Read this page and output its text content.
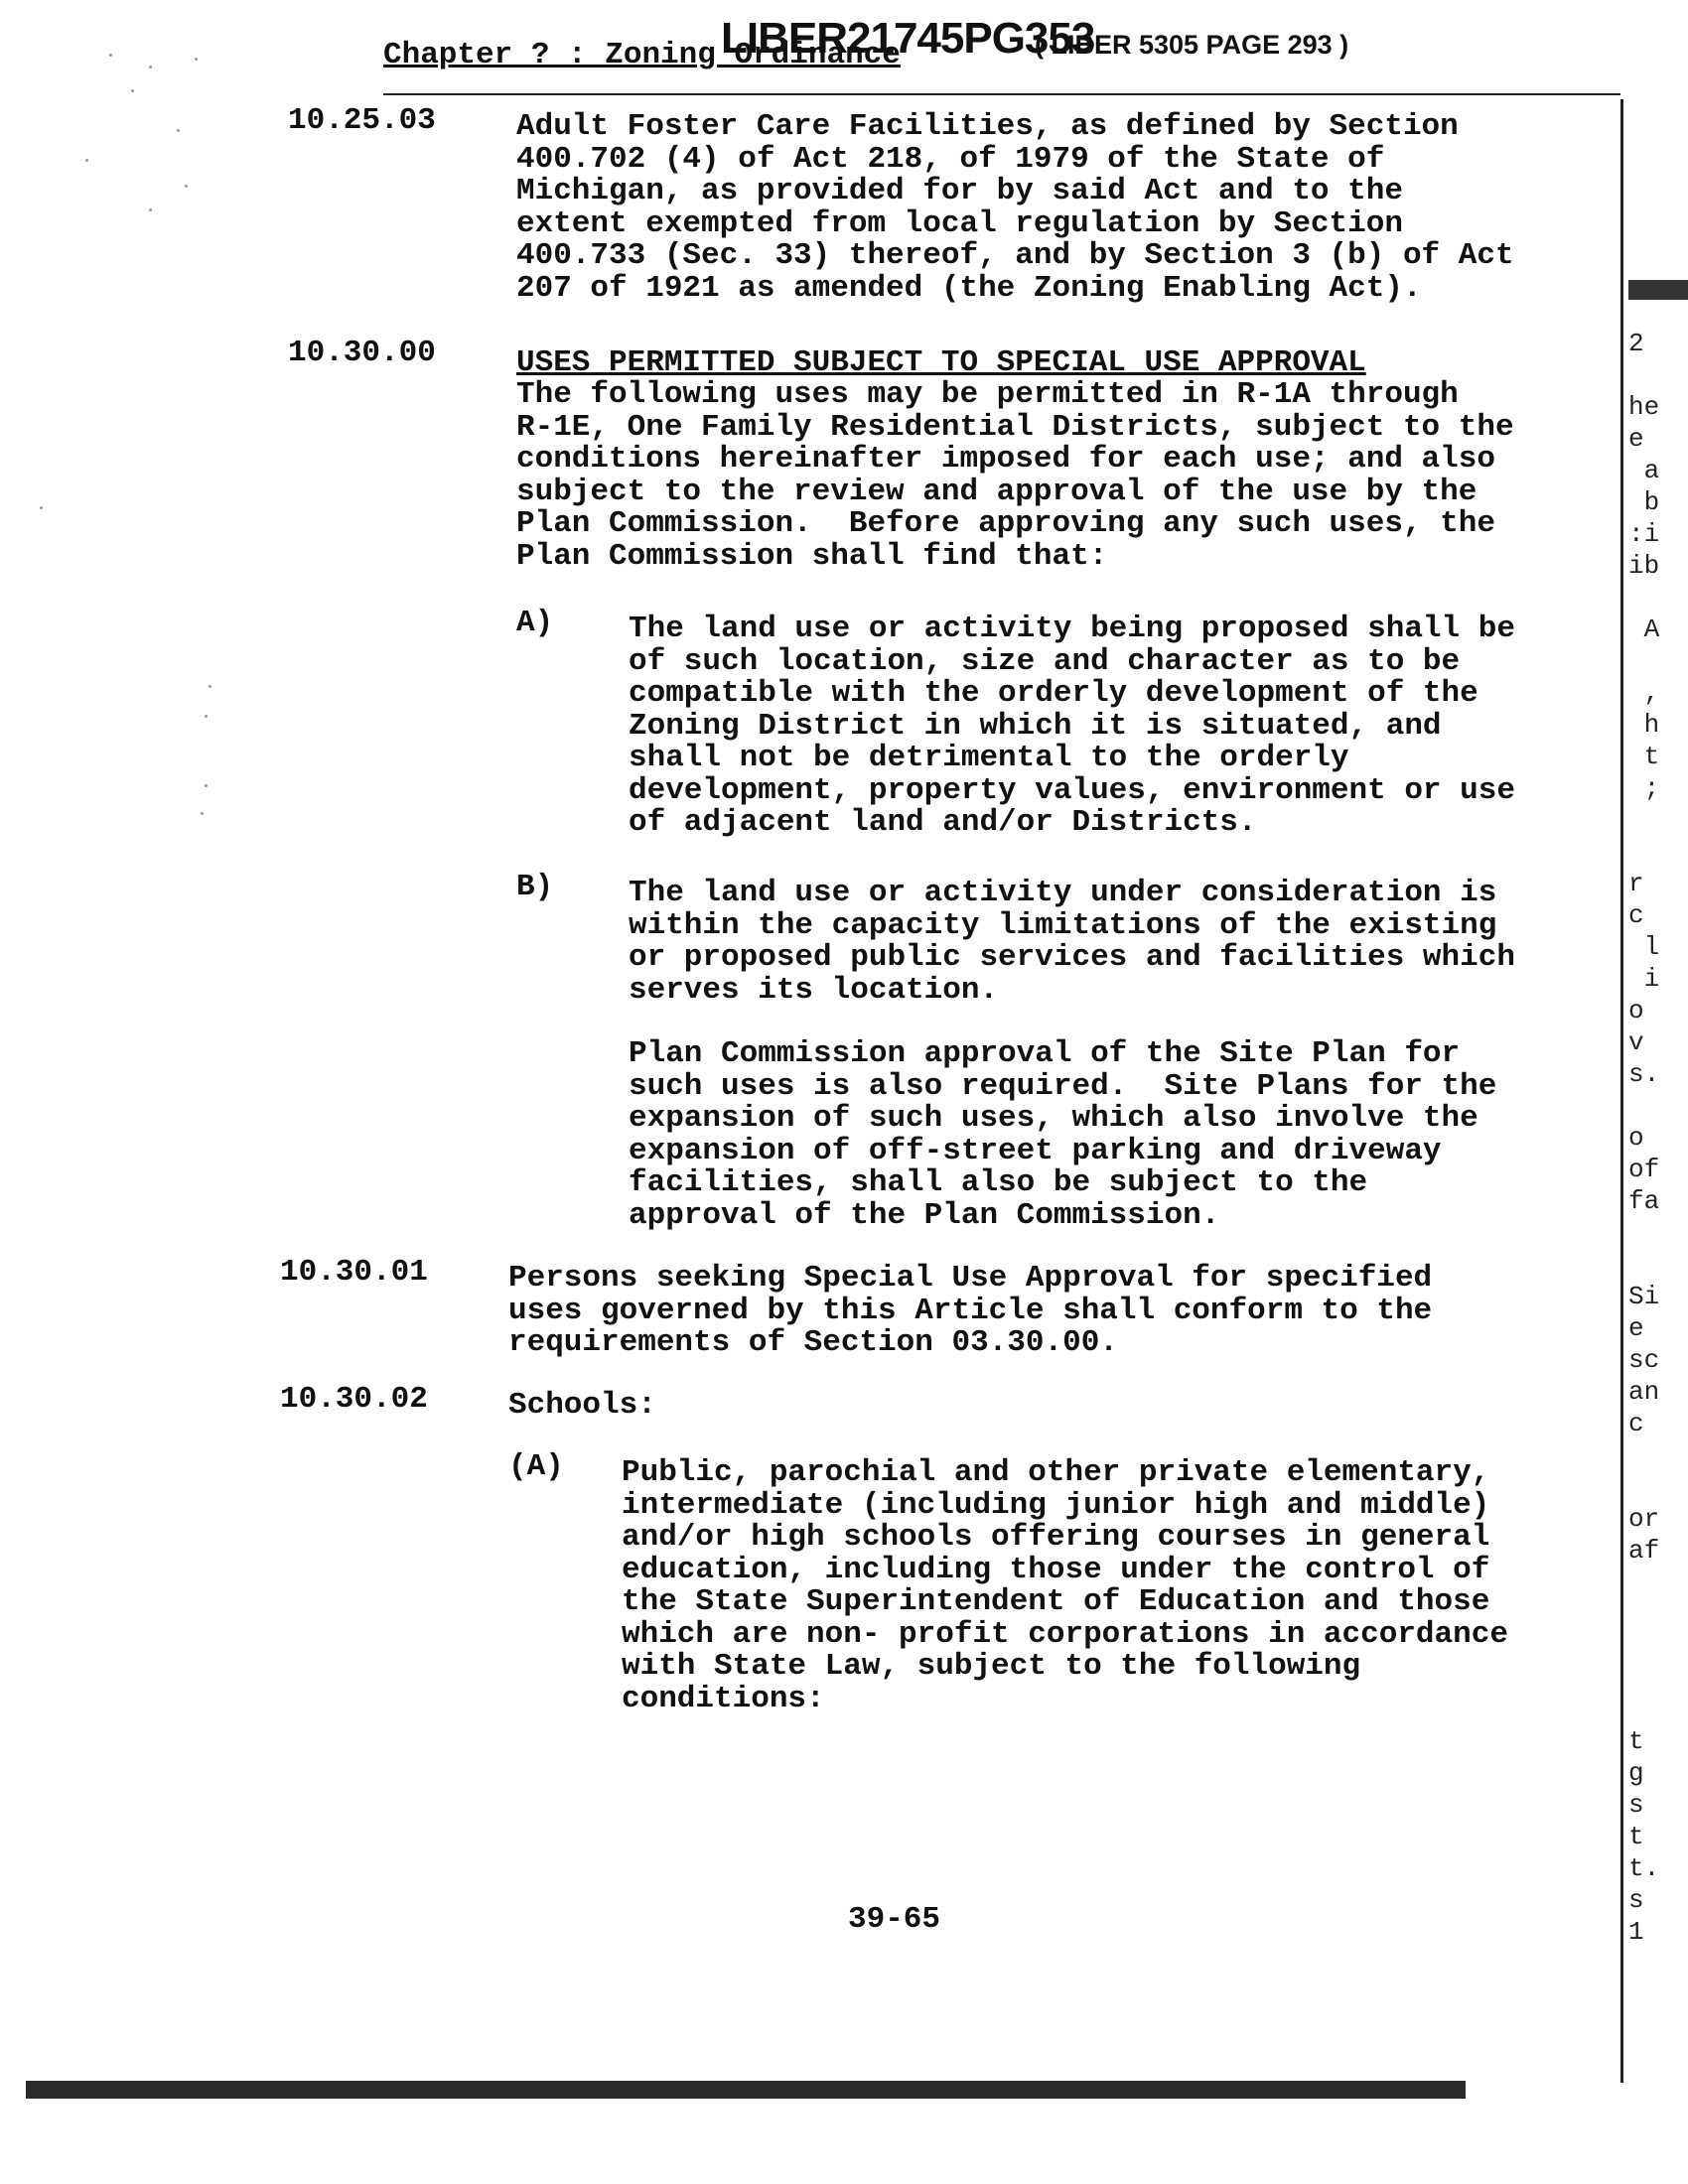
Chapter ? : Zoning Ordinance
LIBER21745PG353
( LIBER 5305 PAGE 293 )
2

he
e
a
b
:i
ib

A

,
h
t
;

r
c
l
i
o
v
s.

o
of
fa

Si
e
sc
an
c

or
af

t
g
s
t
t.
s
1
10.25.03	Adult Foster Care Facilities, as defined by Section
400.702 (4) of Act 218, of 1979 of the State of
Michigan, as provided for by said Act and to the
extent exempted from local regulation by Section
400.733 (Sec. 33) thereof, and by Section 3 (b) of Act
207 of 1921 as amended (the Zoning Enabling Act).
10.30.00	USES PERMITTED SUBJECT TO SPECIAL USE APPROVAL
The following uses may be permitted in R-1A through
R-1E, One Family Residential Districts, subject to the
conditions hereinafter imposed for each use; and also
subject to the review and approval of the use by the
Plan Commission.  Before approving any such uses, the
Plan Commission shall find that:
A) The land use or activity being proposed shall be
of such location, size and character as to be
compatible with the orderly development of the
Zoning District in which it is situated, and
shall not be detrimental to the orderly
development, property values, environment or use
of adjacent land and/or Districts.
B) The land use or activity under consideration is
within the capacity limitations of the existing
or proposed public services and facilities which
serves its location.
Plan Commission approval of the Site Plan for
such uses is also required.  Site Plans for the
expansion of such uses, which also involve the
expansion of off-street parking and driveway
facilities, shall also be subject to the
approval of the Plan Commission.
10.30.01	Persons seeking Special Use Approval for specified
uses governed by this Article shall conform to the
requirements of Section 03.30.00.
10.30.02	Schools:
(A) Public, parochial and other private elementary,
intermediate (including junior high and middle)
and/or high schools offering courses in general
education, including those under the control of
the State Superintendent of Education and those
which are non- profit corporations in accordance
with State Law, subject to the following
conditions:
39-65
